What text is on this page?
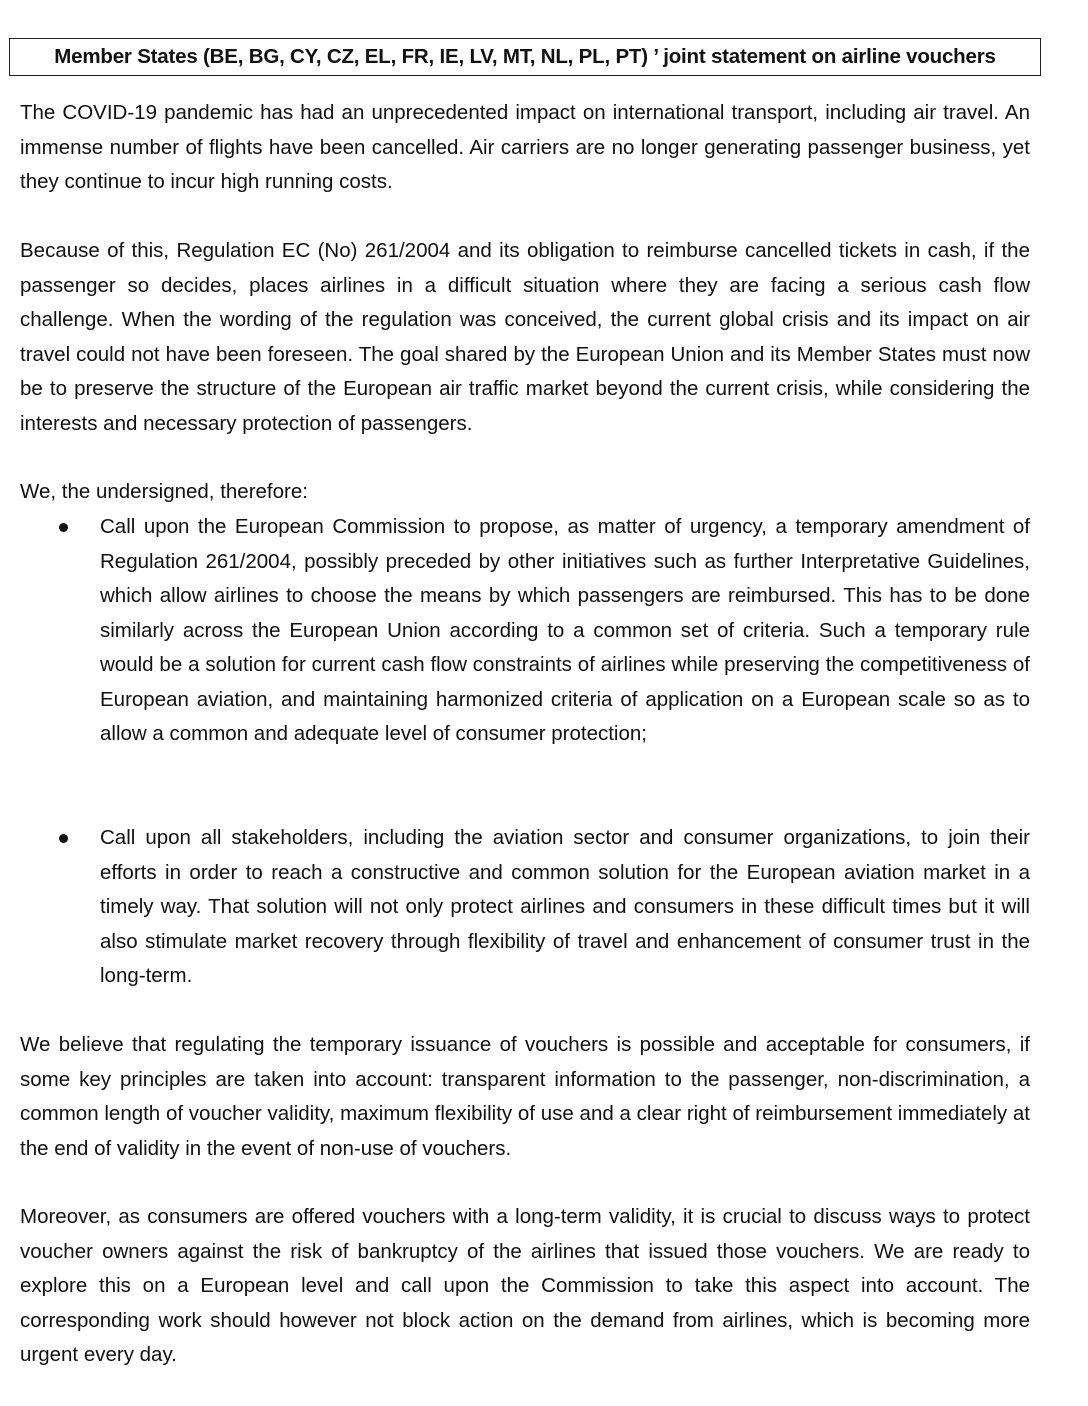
Member States (BE, BG, CY, CZ, EL, FR, IE, LV, MT, NL, PL, PT) ’ joint statement on airline vouchers

The COVID-19 pandemic has had an unprecedented impact on international transport, including air travel. An immense number of flights have been cancelled. Air carriers are no longer generating passenger business, yet they continue to incur high running costs.

Because of this, Regulation EC (No) 261/2004 and its obligation to reimburse cancelled tickets in cash, if the passenger so decides, places airlines in a difficult situation where they are facing a serious cash flow challenge. When the wording of the regulation was conceived, the current global crisis and its impact on air travel could not have been foreseen. The goal shared by the European Union and its Member States must now be to preserve the structure of the European air traffic market beyond the current crisis, while considering the interests and necessary protection of passengers.

We, the undersigned, therefore:

Call upon the European Commission to propose, as matter of urgency, a temporary amendment of Regulation 261/2004, possibly preceded by other initiatives such as further Interpretative Guidelines, which allow airlines to choose the means by which passengers are reimbursed. This has to be done similarly across the European Union according to a common set of criteria. Such a temporary rule would be a solution for current cash flow constraints of airlines while preserving the competitiveness of European aviation, and maintaining harmonized criteria of application on a European scale so as to allow a common and adequate level of consumer protection;

Call upon all stakeholders, including the aviation sector and consumer organizations, to join their efforts in order to reach a constructive and common solution for the European aviation market in a timely way. That solution will not only protect airlines and consumers in these difficult times but it will also stimulate market recovery through flexibility of travel and enhancement of consumer trust in the long-term.

We believe that regulating the temporary issuance of vouchers is possible and acceptable for consumers, if some key principles are taken into account: transparent information to the passenger, non-discrimination, a common length of voucher validity, maximum flexibility of use and a clear right of reimbursement immediately at the end of validity in the event of non-use of vouchers.

Moreover, as consumers are offered vouchers with a long-term validity, it is crucial to discuss ways to protect voucher owners against the risk of bankruptcy of the airlines that issued those vouchers. We are ready to explore this on a European level and call upon the Commission to take this aspect into account. The corresponding work should however not block action on the demand from airlines, which is becoming more urgent every day.
